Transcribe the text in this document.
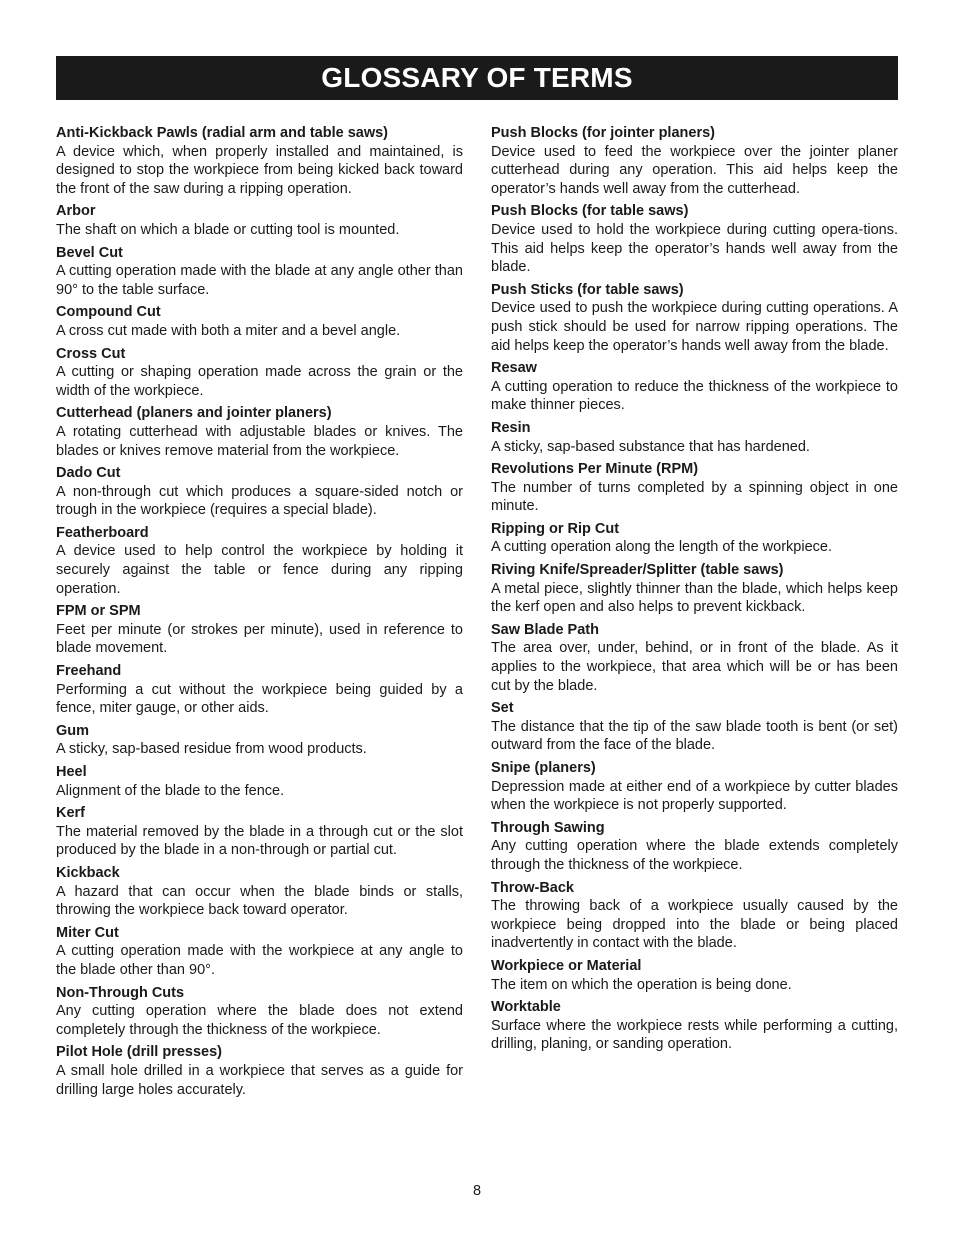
GLOSSARY OF TERMS

Anti-Kickback Pawls (radial arm and table saws)

A device which, when properly installed and maintained, is designed to stop the workpiece from being kicked back toward the front of the saw during a ripping operation.

Arbor

The shaft on which a blade or cutting tool is mounted.

Bevel Cut

A cutting operation made with the blade at any angle other than 90° to the table surface.

Compound Cut

A cross cut made with both a miter and a bevel angle.

Cross Cut

A cutting or shaping operation made across the grain or the width of the workpiece.

Cutterhead (planers and jointer planers)

A rotating cutterhead with adjustable blades or knives. The blades or knives remove material from the workpiece.

Dado Cut

A non-through cut which produces a square-sided notch or trough in the workpiece (requires a special blade).

Featherboard

A device used to help control the workpiece by holding it securely against the table or fence during any ripping operation.

FPM or SPM

Feet per minute (or strokes per minute), used in reference to blade movement.

Freehand

Performing a cut without the workpiece being guided by a fence, miter gauge, or other aids.

Gum

A sticky, sap-based residue from wood products.

Heel

Alignment of the blade to the fence.

Kerf

The material removed by the blade in a through cut or the slot produced by the blade in a non-through or partial cut.

Kickback

A hazard that can occur when the blade binds or stalls, throwing the workpiece back toward operator.

Miter Cut

A cutting operation made with the workpiece at any angle to the blade other than 90°.

Non-Through Cuts

Any cutting operation where the blade does not extend completely through the thickness of the workpiece.

Pilot Hole (drill presses)

A small hole drilled in a workpiece that serves as a guide for drilling large holes accurately.

Push Blocks (for jointer planers)

Device used to feed the workpiece over the jointer planer cutterhead during any operation. This aid helps keep the operator’s hands well away from the cutterhead.

Push Blocks (for table saws)

Device used to hold the workpiece during cutting opera-tions. This aid helps keep the operator’s hands well away from the blade.

Push Sticks (for table saws)

Device used to push the workpiece during cutting operations. A push stick should be used for narrow ripping operations. The aid helps keep the operator’s hands well away from the blade.

Resaw

A cutting operation to reduce the thickness of the workpiece to make thinner pieces.

Resin

A sticky, sap-based substance that has hardened.

Revolutions Per Minute (RPM)

The number of turns completed by a spinning object in one minute.

Ripping or Rip Cut

A cutting operation along the length of the workpiece.

Riving Knife/Spreader/Splitter (table saws)

A metal piece, slightly thinner than the blade, which helps keep the kerf open and also helps to prevent kickback.

Saw Blade Path

The area over, under, behind, or in front of the blade. As it applies to the workpiece, that area which will be or has been cut by the blade.

Set

The distance that the tip of the saw blade tooth is bent (or set) outward from the face of the blade.

Snipe (planers)

Depression made at either end of a workpiece by cutter blades when the workpiece is not properly supported.

Through Sawing

Any cutting operation where the blade extends completely through the thickness of the workpiece.

Throw-Back

The throwing back of a workpiece usually caused by the workpiece being dropped into the blade or being placed inadvertently in contact with the blade.

Workpiece or Material

The item on which the operation is being done.

Worktable

Surface where the workpiece rests while performing a cutting, drilling, planing, or sanding operation.

8
